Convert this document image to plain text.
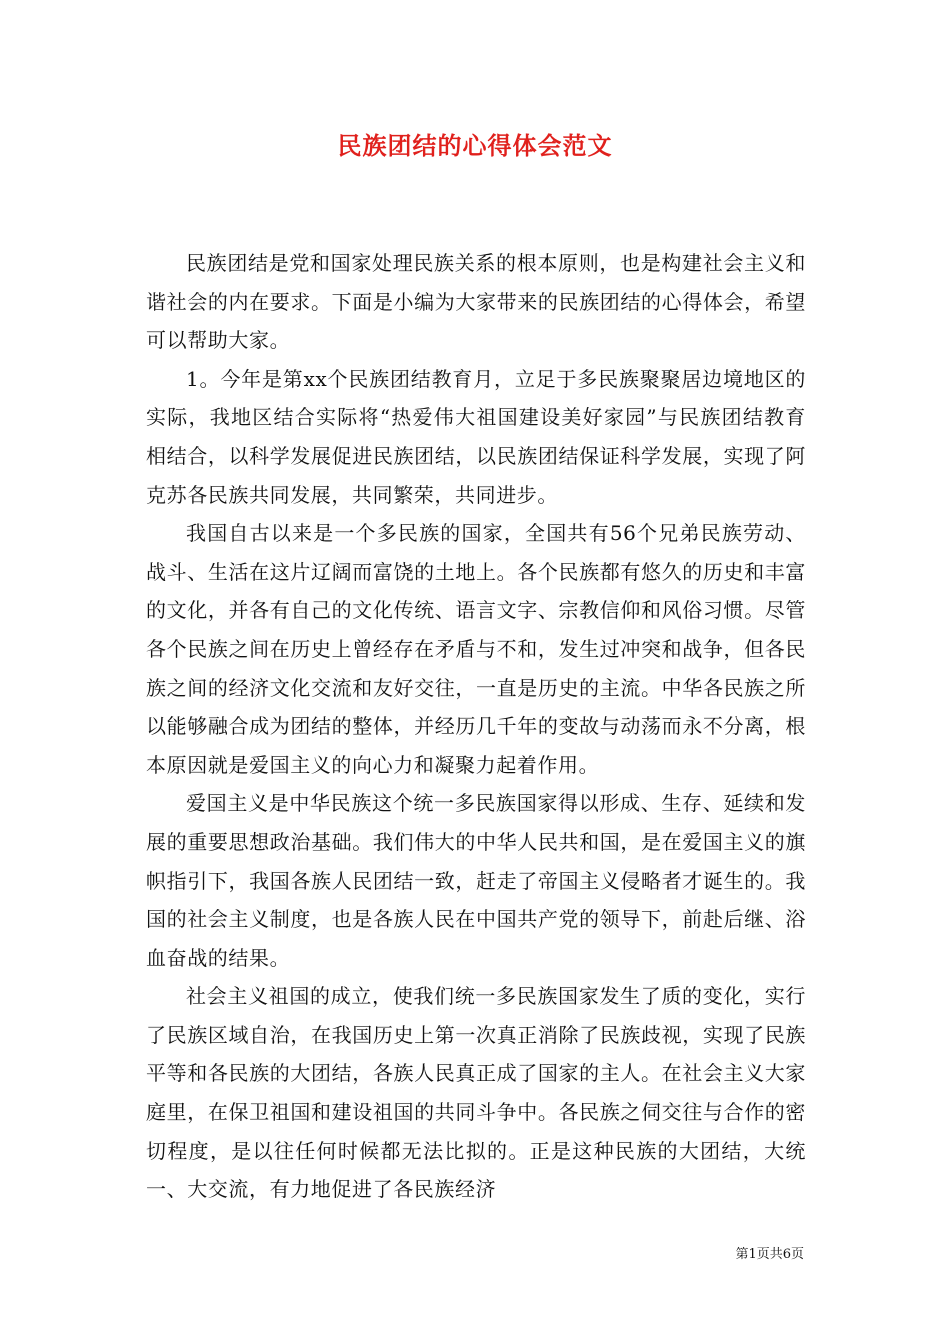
民族团结的心得体会范文

民族团结是党和国家处理民族关系的根本原则，也是构建社会主义和谐社会的内在要求。下面是小编为大家带来的民族团结的心得体会，希望可以帮助大家。

1。今年是第xx个民族团结教育月，立足于多民族聚聚居边境地区的实际，我地区结合实际将“热爱伟大祖国建设美好家园”与民族团结教育相结合，以科学发展促进民族团结，以民族团结保证科学发展，实现了阿克苏各民族共同发展，共同繁荣，共同进步。

我国自古以来是一个多民族的国家，全国共有56个兄弟民族劳动、战斗、生活在这片辽阔而富饶的土地上。各个民族都有悠久的历史和丰富的文化，并各有自己的文化传统、语言文字、宗教信仰和风俗习惯。尽管各个民族之间在历史上曾经存在矛盾与不和，发生过冲突和战争，但各民族之间的经济文化交流和友好交往，一直是历史的主流。中华各民族之所以能够融合成为团结的整体，并经历几千年的变故与动荡而永不分离，根本原因就是爱国主义的向心力和凝聚力起着作用。

爱国主义是中华民族这个统一多民族国家得以形成、生存、延续和发展的重要思想政治基础。我们伟大的中华人民共和国，是在爱国主义的旗帜指引下，我国各族人民团结一致，赶走了帝国主义侵略者才诞生的。我国的社会主义制度，也是各族人民在中国共产党的领导下，前赴后继、浴血奋战的结果。

社会主义祖国的成立，使我们统一多民族国家发生了质的变化，实行了民族区域自治，在我国历史上第一次真正消除了民族歧视，实现了民族平等和各民族的大团结，各族人民真正成了国家的主人。在社会主义大家庭里，在保卫祖国和建设祖国的共同斗争中。各民族之伺交往与合作的密切程度，是以往任何时候都无法比拟的。正是这种民族的大团结，大统一、大交流，有力地促进了各民族经济

第1页共6页
